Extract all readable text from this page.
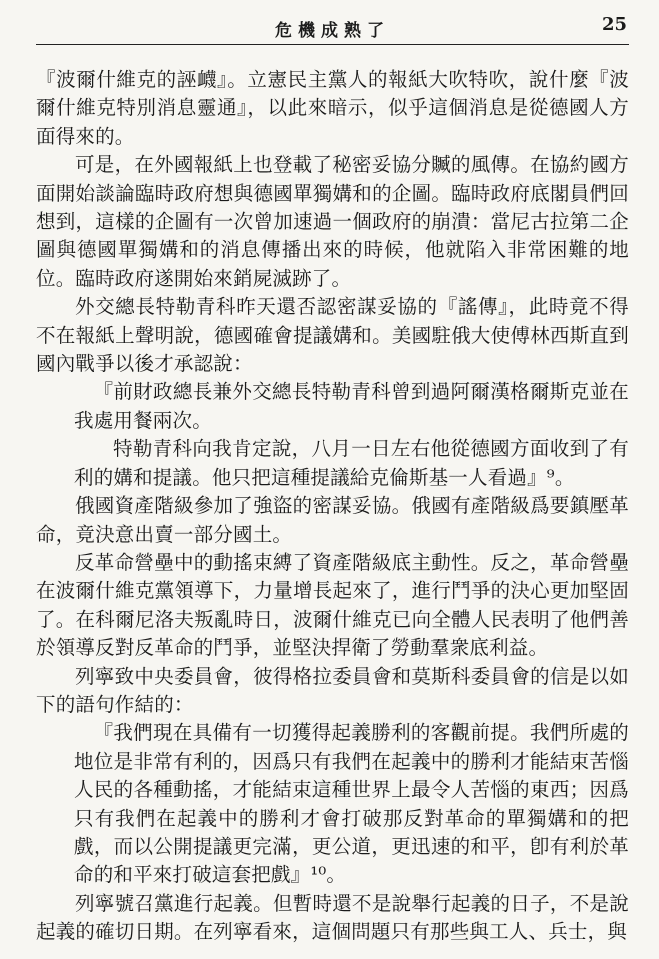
危機成熟了	25

『波爾什維克的誣衊』。立憲民主黨人的報紙大吹特吹，說什麼『波爾什維克特別消息靈通』，以此來暗示，似乎這個消息是從德國人方面得來的。

可是，在外國報紙上也登載了秘密妥協分贓的風傳。在協約國方面開始談論臨時政府想與德國單獨媾和的企圖。臨時政府底閣員們回想到，這樣的企圖有一次曾加速過一個政府的崩潰：當尼古拉第二企圖與德國單獨媾和的消息傳播出來的時候，他就陷入非常困難的地位。臨時政府遂開始來銷屍滅跡了。

外交總長特勒青科昨天還否認密謀妥協的『謠傳』，此時竟不得不在報紙上聲明說，德國確會提議媾和。美國駐俄大使傅林西斯直到國內戰爭以後才承認說：

『前財政總長兼外交總長特勒青科曾到過阿爾漢格爾斯克並在我處用餐兩次。

特勒青科向我肯定說，八月一日左右他從德國方面收到了有利的媾和提議。他只把這種提議給克倫斯基一人看過』⁹。

俄國資產階級參加了強盜的密謀妥協。俄國有產階級爲要鎮壓革命，竟決意出賣一部分國土。

反革命營壘中的動搖束縛了資產階級底主動性。反之，革命營壘在波爾什維克黨領導下，力量增長起來了，進行鬥爭的決心更加堅固了。在科爾尼洛夫叛亂時日，波爾什維克已向全體人民表明了他們善於領導反對反革命的鬥爭，並堅決捍衛了勞動羣衆底利益。

列寧致中央委員會，彼得格拉委員會和莫斯科委員會的信是以如下的語句作結的：

『我們現在具備有一切獲得起義勝利的客觀前提。我們所處的地位是非常有利的，因爲只有我們在起義中的勝利才能結束苦惱人民的各種動搖，才能結束這種世界上最令人苦惱的東西；因爲只有我們在起義中的勝利才會打破那反對革命的單獨媾和的把戲，而以公開提議更完滿，更公道，更迅速的和平，卽有利於革命的和平來打破這套把戲』¹⁰。

列寧號召黨進行起義。但暫時還不是說舉行起義的日子，不是說起義的確切日期。在列寧看來，這個問題只有那些與工人、兵士，與
